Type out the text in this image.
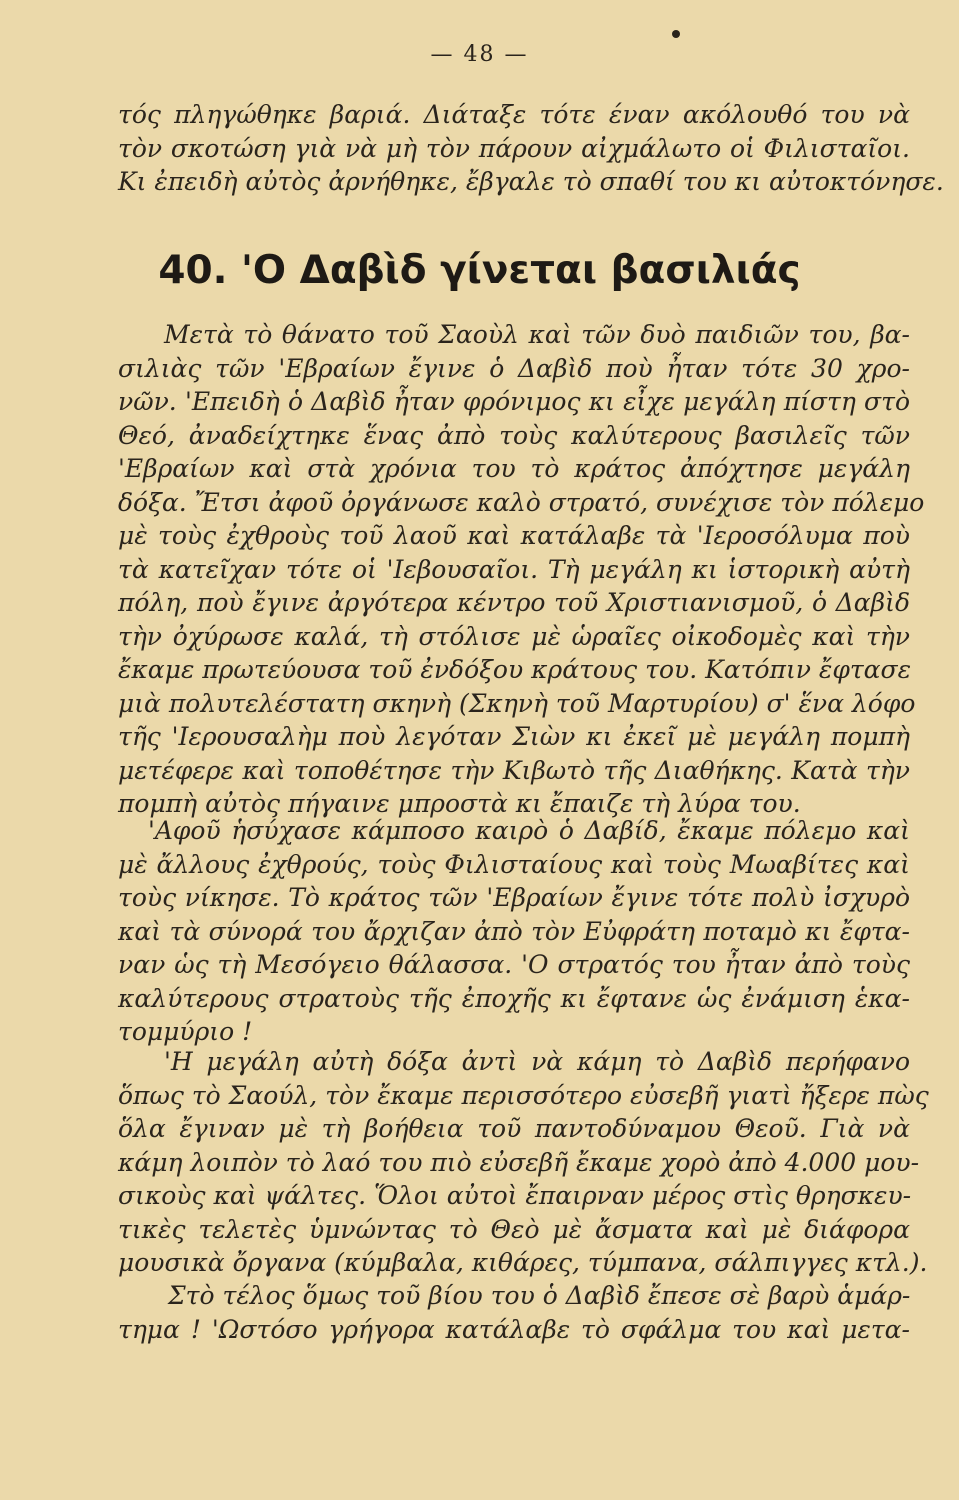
— 48 —
τός πληγώθηκε βαριά. Διάταξε τότε έναν ακόλουθό του νὰ
τὸν σκοτώση γιὰ νὰ μὴ τὸν πάρουν αἰχμάλωτο οἱ Φιλισταῖοι.
Κι ἐπειδὴ αὐτὸς ἀρνήθηκε, ἔβγαλε τὸ σπαθί του κι αὐτοκτόνησε.
40. 'Ο Δαβὶδ γίνεται βασιλιάς
Μετὰ τὸ θάνατο τοῦ Σαοὺλ καὶ τῶν δυὸ παιδιῶν του, βα-
σιλιὰς τῶν 'Εβραίων ἔγινε ὁ Δαβὶδ ποὺ ἦταν τότε 30 χρο-
νῶν. 'Επειδὴ ὁ Δαβὶδ ἦταν φρόνιμος κι εἶχε μεγάλη πίστη στὸ
Θεό, ἀναδείχτηκε ἕνας ἀπὸ τοὺς καλύτερους βασιλεῖς τῶν
'Εβραίων καὶ στὰ χρόνια του τὸ κράτος ἀπόχτησε μεγάλη
δόξα. Ἔτσι ἀφοῦ ὀργάνωσε καλὸ στρατό, συνέχισε τὸν πόλεμο
μὲ τοὺς ἐχθροὺς τοῦ λαοῦ καὶ κατάλαβε τὰ 'Ιεροσόλυμα ποὺ
τὰ κατεῖχαν τότε οἱ 'Ιεβουσαῖοι. Τὴ μεγάλη κι ἱστορικὴ αὐτὴ
πόλη, ποὺ ἔγινε ἀργότερα κέντρο τοῦ Χριστιανισμοῦ, ὁ Δαβὶδ
τὴν ὀχύρωσε καλά, τὴ στόλισε μὲ ὡραῖες οἰκοδομὲς καὶ τὴν
ἔκαμε πρωτεύουσα τοῦ ἐνδόξου κράτους του. Κατόπιν ἔφτασε
μιὰ πολυτελέστατη σκηνὴ (Σκηνὴ τοῦ Μαρτυρίου) σ' ἕνα λόφο
τῆς 'Ιερουσαλὴμ ποὺ λεγόταν Σιὼν κι ἐκεῖ μὲ μεγάλη πομπὴ
μετέφερε καὶ τοποθέτησε τὴν Κιβωτὸ τῆς Διαθήκης. Κατὰ τὴν
πομπὴ αὐτὸς πήγαινε μπροστὰ κι ἔπαιζε τὴ λύρα του.
'Αφοῦ ἡσύχασε κάμποσο καιρὸ ὁ Δαβίδ, ἔκαμε πόλεμο καὶ
μὲ ἄλλους ἐχθρούς, τοὺς Φιλισταίους καὶ τοὺς Μωαβίτες καὶ
τοὺς νίκησε. Τὸ κράτος τῶν 'Εβραίων ἔγινε τότε πολὺ ἰσχυρὸ
καὶ τὰ σύνορά του ἄρχιζαν ἀπὸ τὸν Εὐφράτη ποταμὸ κι ἔφτα-
ναν ὡς τὴ Μεσόγειο θάλασσα. 'Ο στρατός του ἦταν ἀπὸ τοὺς
καλύτερους στρατοὺς τῆς ἐποχῆς κι ἔφτανε ὡς ἐνάμιση ἑκα-
τομμύριο !
'Η μεγάλη αὐτὴ δόξα ἀντὶ νὰ κάμη τὸ Δαβὶδ περήφανο
ὅπως τὸ Σαούλ, τὸν ἔκαμε περισσότερο εὐσεβῆ γιατὶ ἤξερε πὼς
ὅλα ἔγιναν μὲ τὴ βοήθεια τοῦ παντοδύναμου Θεοῦ. Γιὰ νὰ
κάμη λοιπὸν τὸ λαό του πιὸ εὐσεβῆ ἔκαμε χορὸ ἀπὸ 4.000 μου-
σικοὺς καὶ ψάλτες. Ὅλοι αὐτοὶ ἔπαιρναν μέρος στὶς θρησκευ-
τικὲς τελετὲς ὑμνώντας τὸ Θεὸ μὲ ἄσματα καὶ μὲ διάφορα
μουσικὰ ὄργανα (κύμβαλα, κιθάρες, τύμπανα, σάλπιγγες κτλ.).
Στὸ τέλος ὅμως τοῦ βίου του ὁ Δαβὶδ ἔπεσε σὲ βαρὺ ἁμάρ-
τημα ! 'Ωστόσο γρήγορα κατάλαβε τὸ σφάλμα του καὶ μετα-
